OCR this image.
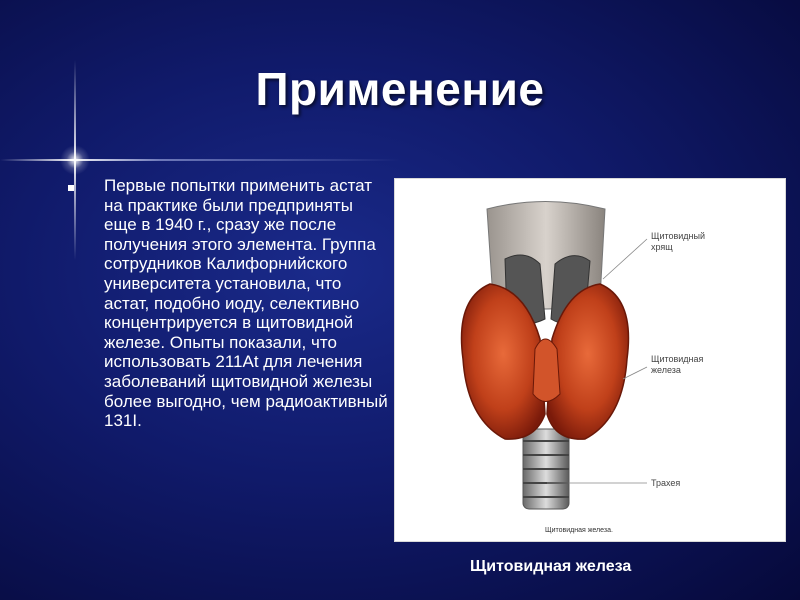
Применение

Первые попытки применить астат на практике были предприняты еще в 1940 г., сразу же после получения этого элемента. Группа сотрудников Калифорнийского университета установила, что астат, подобно иоду, селективно концентрируется в щитовидной железе. Опыты показали, что использовать 211At для лечения заболеваний щитовидной железы более выгодно, чем радиоактивный 131I.

Щитовидный
хрящ
Щитовидная
железа
Трахея
Щитовидная железа.
Щитовидная железа
